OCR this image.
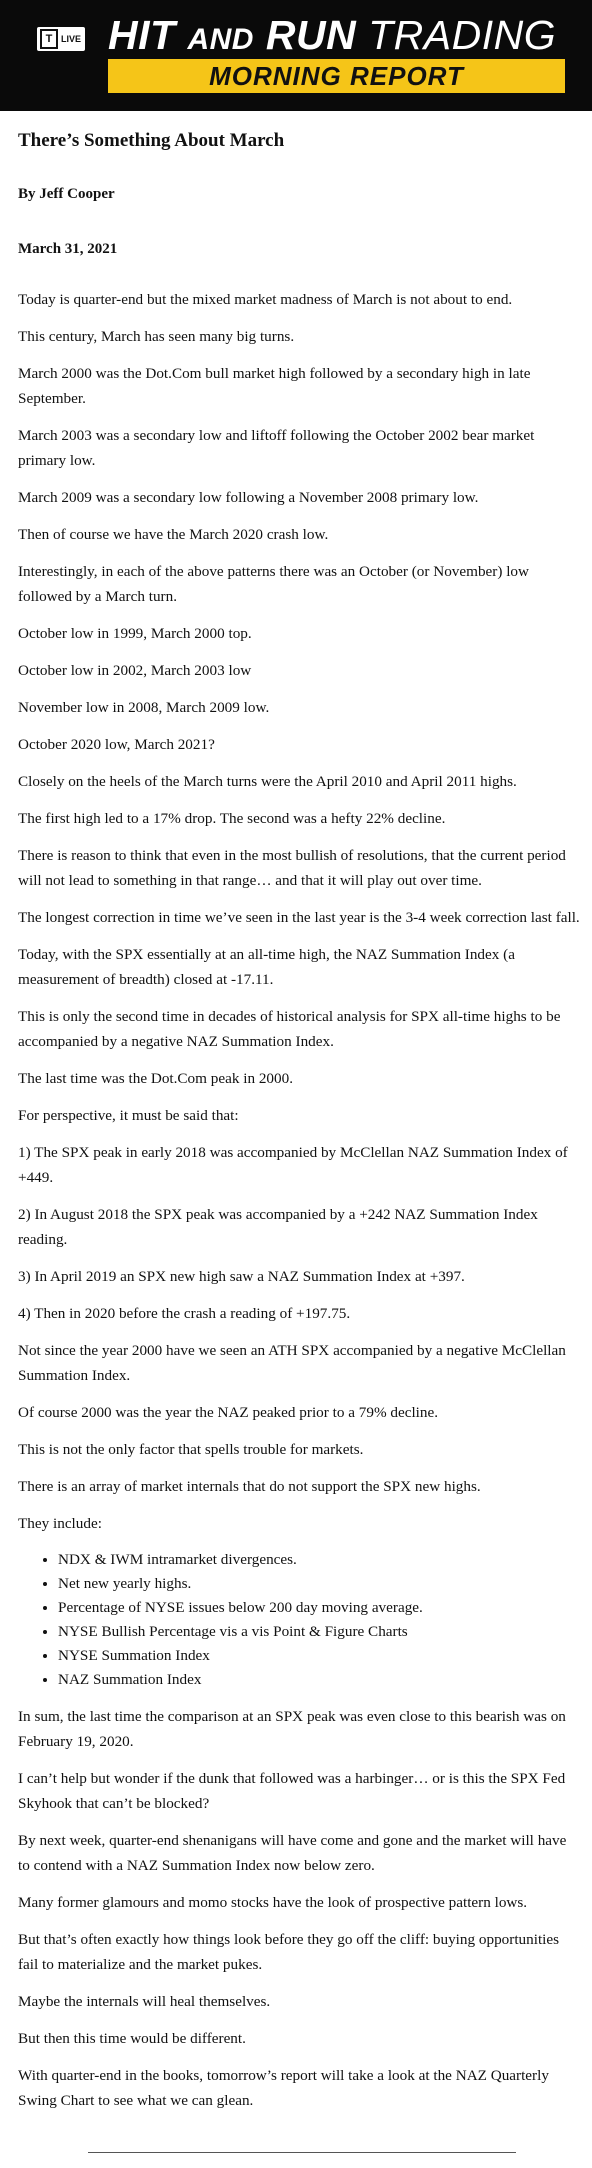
T LIVE HIT AND RUN TRADING
MORNING REPORT
There’s Something About March
By Jeff Cooper
March 31, 2021

Today is quarter-end but the mixed market madness of March is not about to end.

This century, March has seen many big turns.

March 2000 was the Dot.Com bull market high followed by a secondary high in late September.

March 2003 was a secondary low and liftoff following the October 2002 bear market primary low.

March 2009 was a secondary low following a November 2008 primary low.

Then of course we have the March 2020 crash low.

Interestingly, in each of the above patterns there was an October (or November) low followed by a March turn.

October low in 1999, March 2000 top.

October low in 2002, March 2003 low

November low in 2008, March 2009 low.

October 2020 low, March 2021?

Closely on the heels of the March turns were the April 2010 and April 2011 highs.

The first high led to a 17% drop. The second was a hefty 22% decline.

There is reason to think that even in the most bullish of resolutions, that the current period will not lead to something in that range… and that it will play out over time.

The longest correction in time we’ve seen in the last year is the 3-4 week correction last fall.

Today, with the SPX essentially at an all-time high, the NAZ Summation Index (a measurement of breadth) closed at -17.11.

This is only the second time in decades of historical analysis for SPX all-time highs to be accompanied by a negative NAZ Summation Index.

The last time was the Dot.Com peak in 2000.

For perspective, it must be said that:

1) The SPX peak in early 2018 was accompanied by McClellan NAZ Summation Index of +449.

2) In August 2018 the SPX peak was accompanied by a +242 NAZ Summation Index reading.

3) In April 2019 an SPX new high saw a NAZ Summation Index at +397.

4) Then in 2020 before the crash a reading of +197.75.

Not since the year 2000 have we seen an ATH SPX accompanied by a negative McClellan Summation Index.

Of course 2000 was the year the NAZ peaked prior to a 79% decline.

This is not the only factor that spells trouble for markets.

There is an array of market internals that do not support the SPX new highs.

They include:

• NDX & IWM intramarket divergences.
• Net new yearly highs.
• Percentage of NYSE issues below 200 day moving average.
• NYSE Bullish Percentage vis a vis Point & Figure Charts
• NYSE Summation Index
• NAZ Summation Index

In sum, the last time the comparison at an SPX peak was even close to this bearish was on February 19, 2020.

I can’t help but wonder if the dunk that followed was a harbinger… or is this the SPX Fed Skyhook that can’t be blocked?

By next week, quarter-end shenanigans will have come and gone and the market will have to contend with a NAZ Summation Index now below zero.

Many former glamours and momo stocks have the look of prospective pattern lows.

But that’s often exactly how things look before they go off the cliff: buying opportunities fail to materialize and the market pukes.

Maybe the internals will heal themselves.

But then this time would be different.

With quarter-end in the books, tomorrow’s report will take a look at the NAZ Quarterly Swing Chart to see what we can glean.
